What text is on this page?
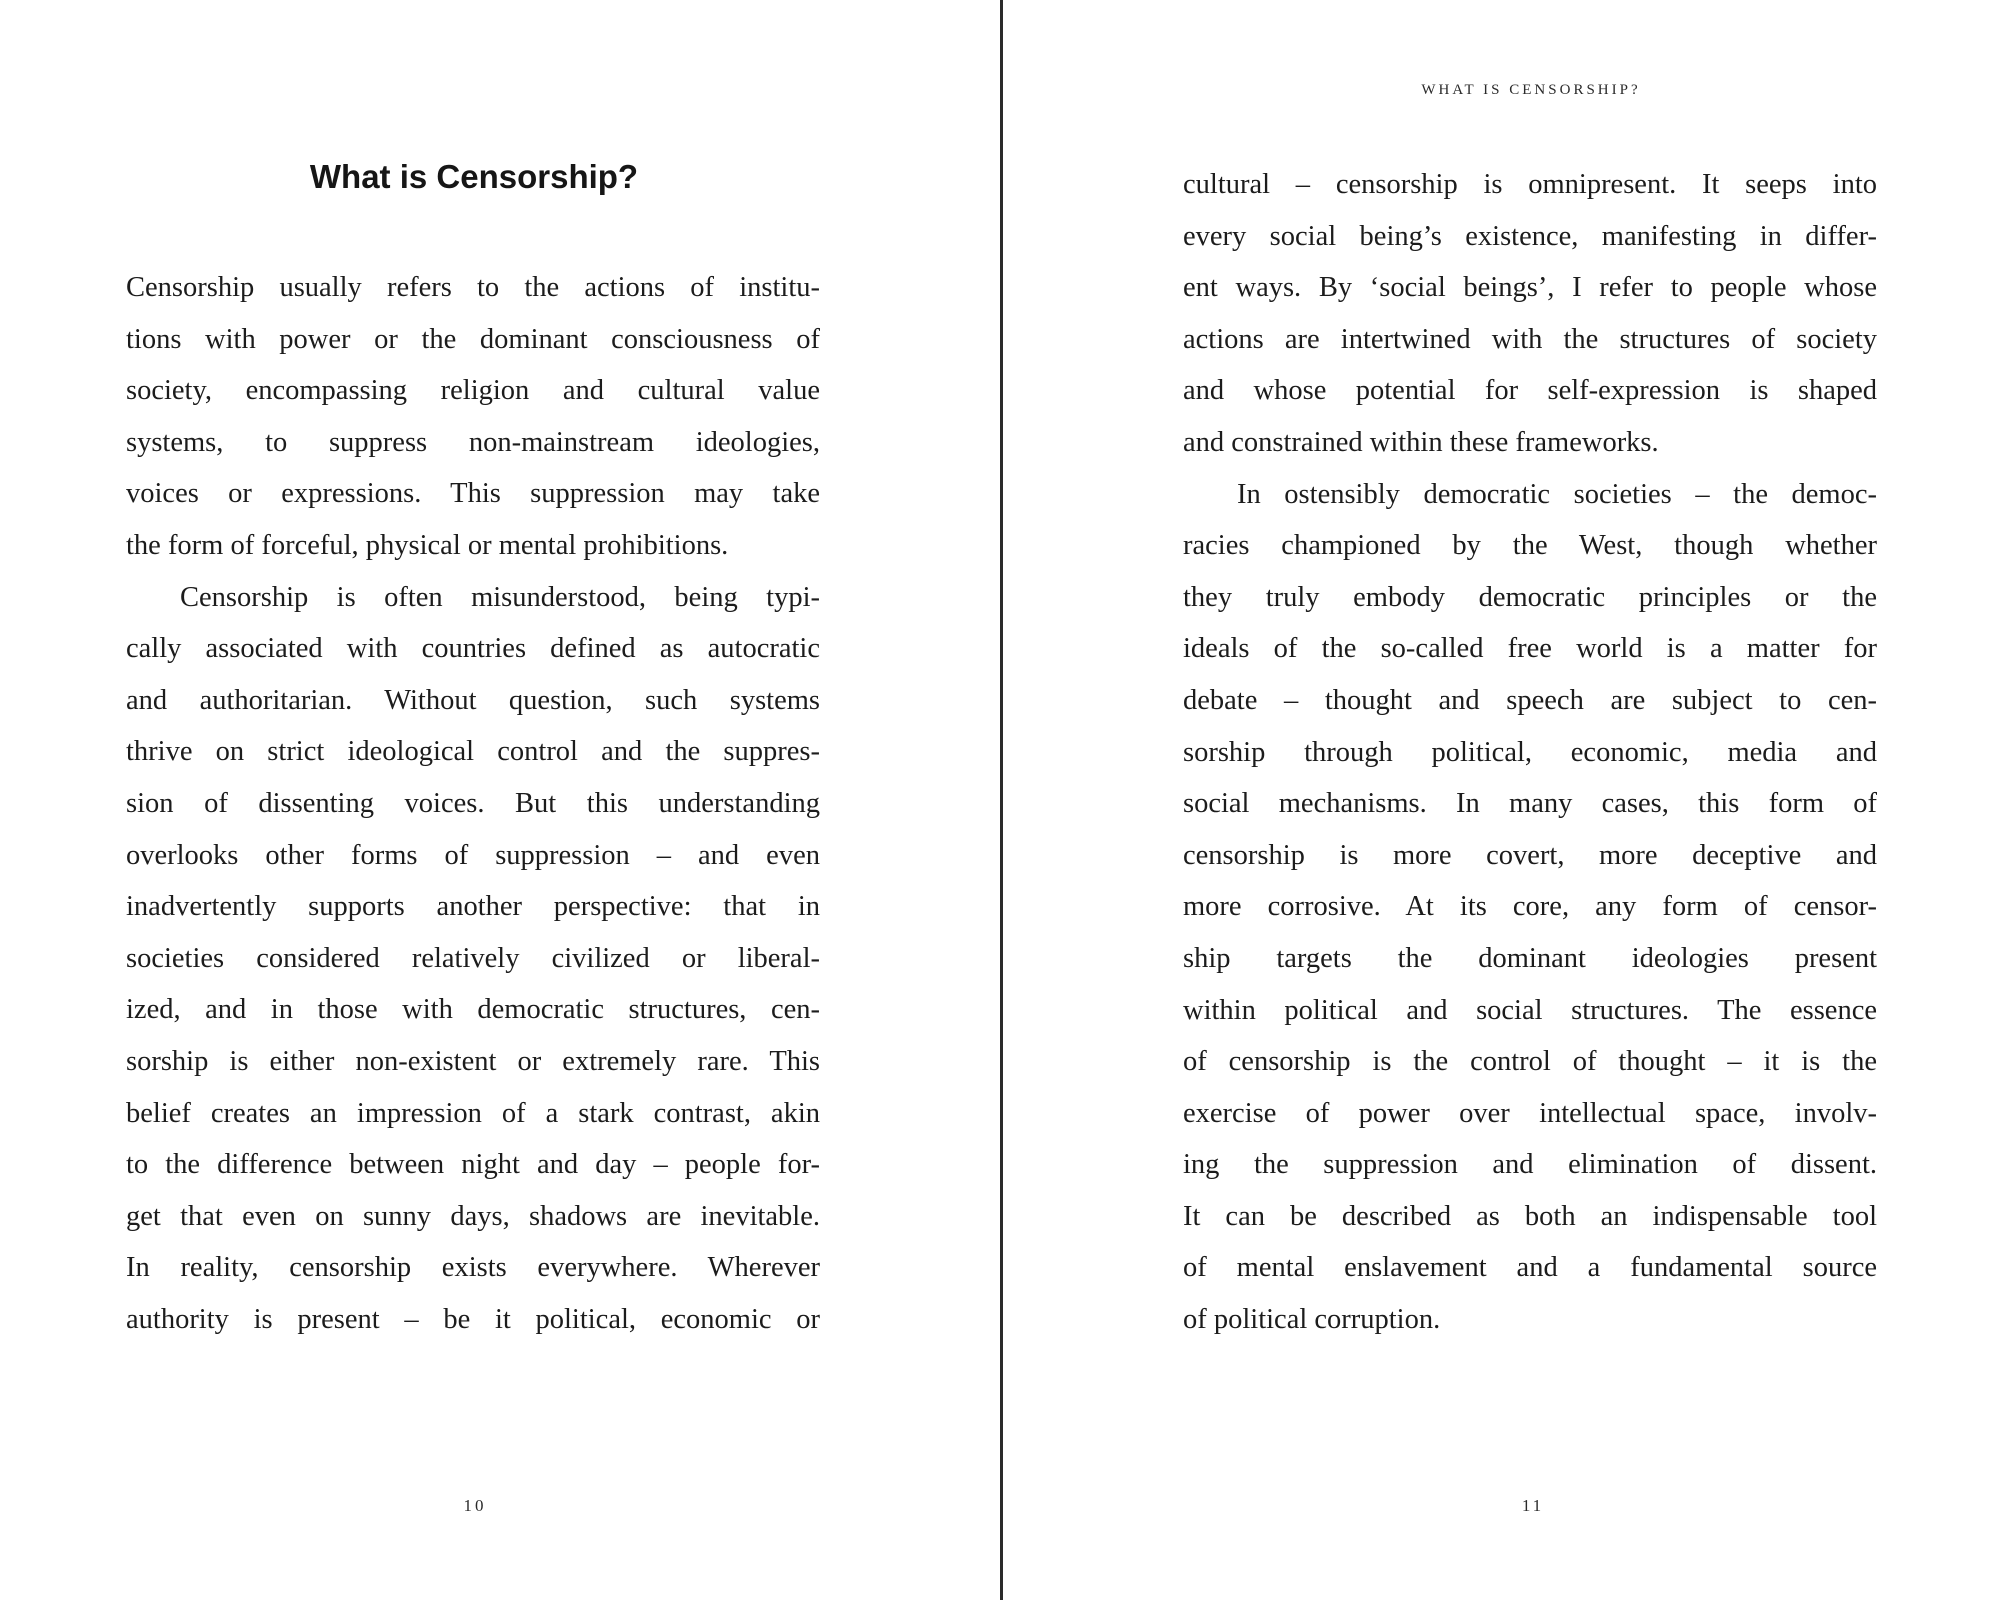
What is Censorship?
Censorship usually refers to the actions of institu-
tions with power or the dominant consciousness of
society, encompassing religion and cultural value
systems, to suppress non-mainstream ideologies,
voices or expressions. This suppression may take
the form of forceful, physical or mental prohibitions.
Censorship is often misunderstood, being typi-
cally associated with countries defined as autocratic
and authoritarian. Without question, such systems
thrive on strict ideological control and the suppres-
sion of dissenting voices. But this understanding
overlooks other forms of suppression – and even
inadvertently supports another perspective: that in
societies considered relatively civilized or liberal-
ized, and in those with democratic structures, cen-
sorship is either non-existent or extremely rare. This
belief creates an impression of a stark contrast, akin
to the difference between night and day – people for-
get that even on sunny days, shadows are inevitable.
In reality, censorship exists everywhere. Wherever
authority is present – be it political, economic or
10
WHAT IS CENSORSHIP?
cultural – censorship is omnipresent. It seeps into
every social being’s existence, manifesting in differ-
ent ways. By ‘social beings’, I refer to people whose
actions are intertwined with the structures of society
and whose potential for self-expression is shaped
and constrained within these frameworks.
In ostensibly democratic societies – the democ-
racies championed by the West, though whether
they truly embody democratic principles or the
ideals of the so-called free world is a matter for
debate – thought and speech are subject to cen-
sorship through political, economic, media and
social mechanisms. In many cases, this form of
censorship is more covert, more deceptive and
more corrosive. At its core, any form of censor-
ship targets the dominant ideologies present
within political and social structures. The essence
of censorship is the control of thought – it is the
exercise of power over intellectual space, involv-
ing the suppression and elimination of dissent.
It can be described as both an indispensable tool
of mental enslavement and a fundamental source
of political corruption.
11
